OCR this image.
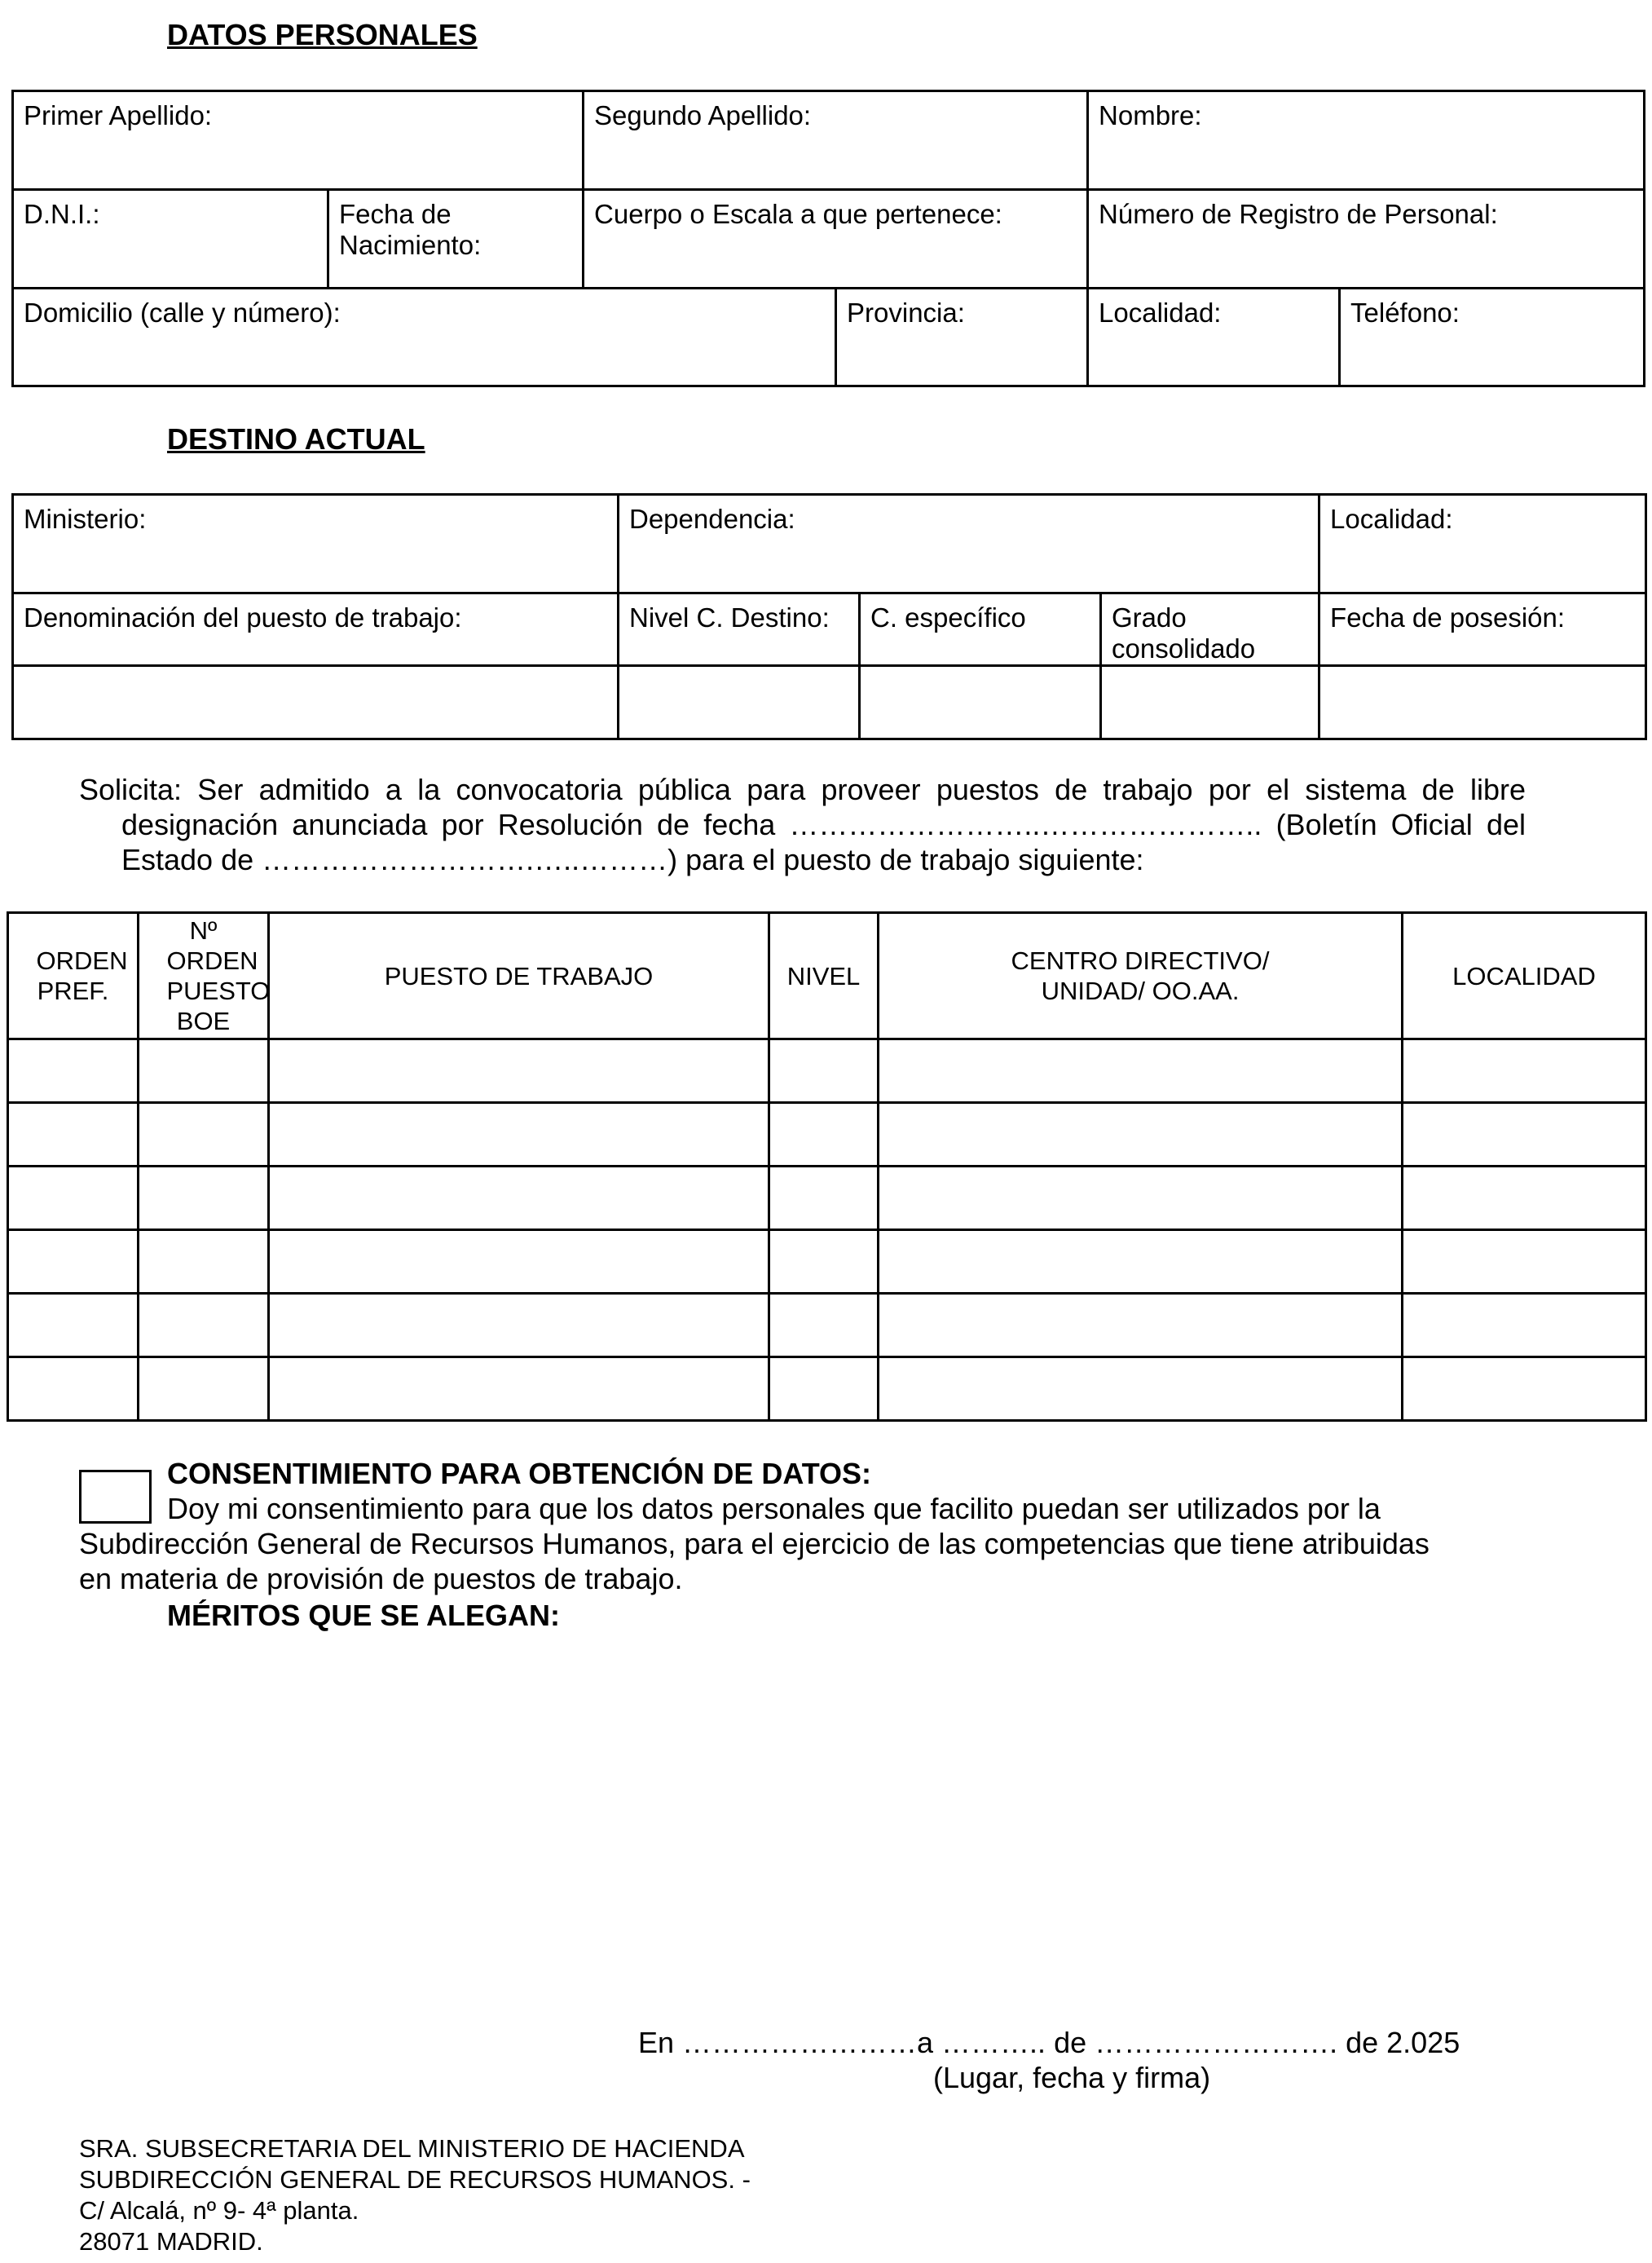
DATOS PERSONALES
Primer Apellido:		Segundo Apellido:		Nombre:	
D.N.I.:	Fecha de Nacimiento:	Cuerpo o Escala a que pertenece:		Número de Registro de Personal:	
Domicilio (calle y número):			Provincia:	Localidad:	Teléfono:
DESTINO ACTUAL
Ministerio:	Dependencia:			Localidad:
Denominación del puesto de trabajo:	Nivel C. Destino:	C. específico	Grado consolidado	Fecha de posesión:

Solicita: Ser admitido a la convocatoria pública para proveer puestos de trabajo por el sistema de libre
designación anunciada por Resolución de fecha ……………………..………………….. (Boletín Oficial del
Estado de ……………………….…..………) para el puesto de trabajo siguiente:
ORDEN PREF.	Nº ORDEN PUESTO BOE	PUESTO DE TRABAJO	NIVEL	CENTRO DIRECTIVO/ UNIDAD/ OO.AA.	LOCALIDAD

CONSENTIMIENTO PARA OBTENCIÓN DE DATOS:
Doy mi consentimiento para que los datos personales que facilito puedan ser utilizados por la
Subdirección General de Recursos Humanos, para el ejercicio de las competencias que tiene atribuidas
en materia de provisión de puestos de trabajo.
MÉRITOS QUE SE ALEGAN:
En ……………………a ……….. de ……………………. de 2.025
(Lugar, fecha y firma)
SRA. SUBSECRETARIA DEL MINISTERIO DE HACIENDA
SUBDIRECCIÓN GENERAL DE RECURSOS HUMANOS. -
C/ Alcalá, nº 9- 4ª planta.
28071 MADRID.
